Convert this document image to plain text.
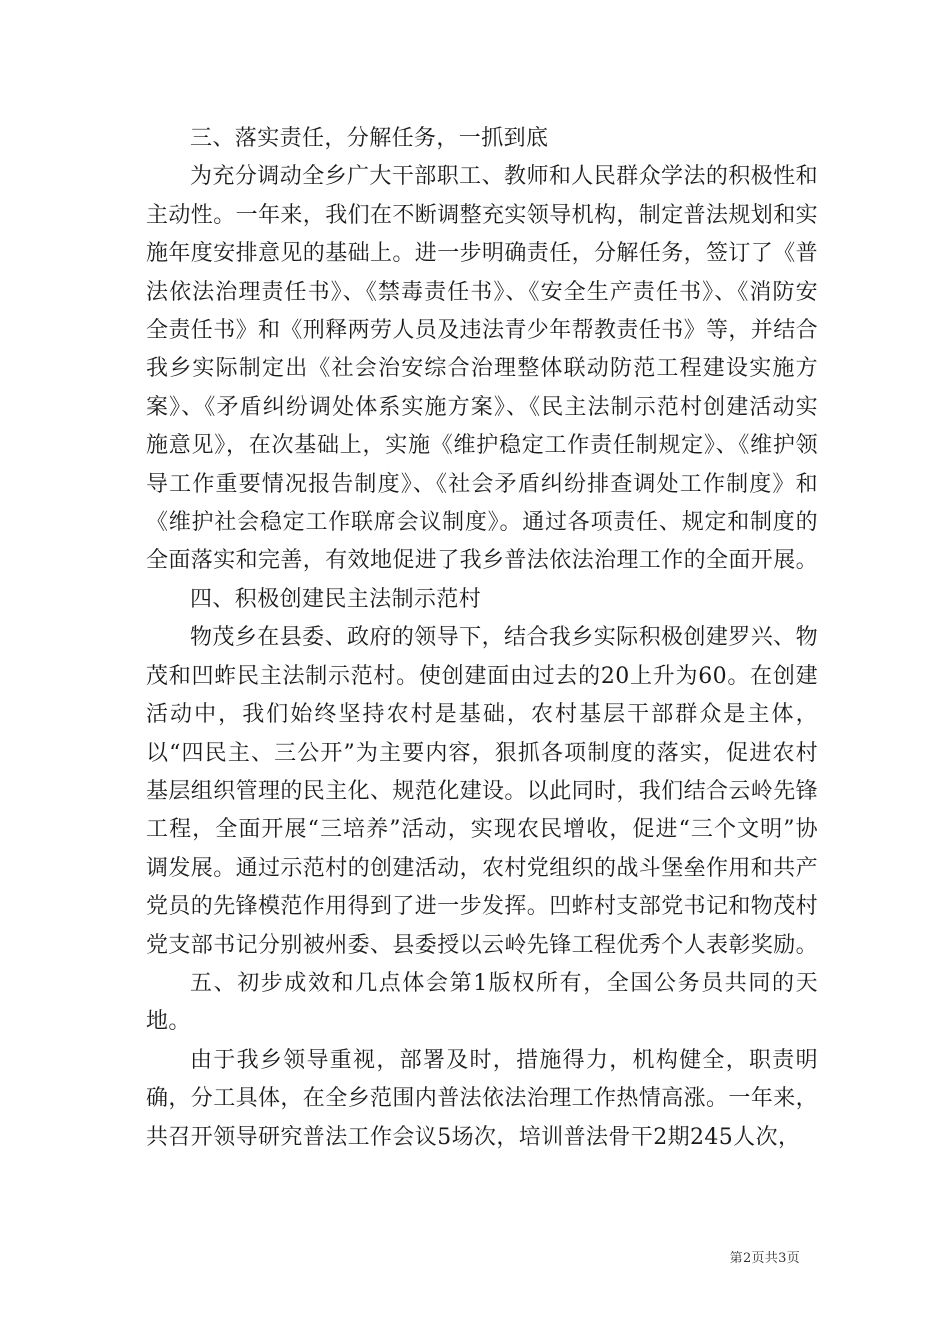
三、落实责任，分解任务，一抓到底

为充分调动全乡广大干部职工、教师和人民群众学法的积极性和主动性。一年来，我们在不断调整充实领导机构，制定普法规划和实施年度安排意见的基础上。进一步明确责任，分解任务，签订了《普法依法治理责任书》、《禁毒责任书》、《安全生产责任书》、《消防安全责任书》和《刑释两劳人员及违法青少年帮教责任书》等，并结合我乡实际制定出《社会治安综合治理整体联动防范工程建设实施方案》、《矛盾纠纷调处体系实施方案》、《民主法制示范村创建活动实施意见》，在次基础上，实施《维护稳定工作责任制规定》、《维护领导工作重要情况报告制度》、《社会矛盾纠纷排查调处工作制度》和《维护社会稳定工作联席会议制度》。通过各项责任、规定和制度的全面落实和完善，有效地促进了我乡普法依法治理工作的全面开展。

四、积极创建民主法制示范村

物茂乡在县委、政府的领导下，结合我乡实际积极创建罗兴、物茂和凹蚱民主法制示范村。使创建面由过去的20上升为60。在创建活动中，我们始终坚持农村是基础，农村基层干部群众是主体，以“四民主、三公开”为主要内容，狠抓各项制度的落实，促进农村基层组织管理的民主化、规范化建设。以此同时，我们结合云岭先锋工程，全面开展“三培养”活动，实现农民增收，促进“三个文明”协调发展。通过示范村的创建活动，农村党组织的战斗堡垒作用和共产党员的先锋模范作用得到了进一步发挥。凹蚱村支部党书记和物茂村党支部书记分别被州委、县委授以云岭先锋工程优秀个人表彰奖励。

五、初步成效和几点体会第1版权所有，全国公务员共同的天地。

由于我乡领导重视，部署及时，措施得力，机构健全，职责明确，分工具体，在全乡范围内普法依法治理工作热情高涨。一年来，共召开领导研究普法工作会议5场次，培训普法骨干2期245人次，

第2页共3页
